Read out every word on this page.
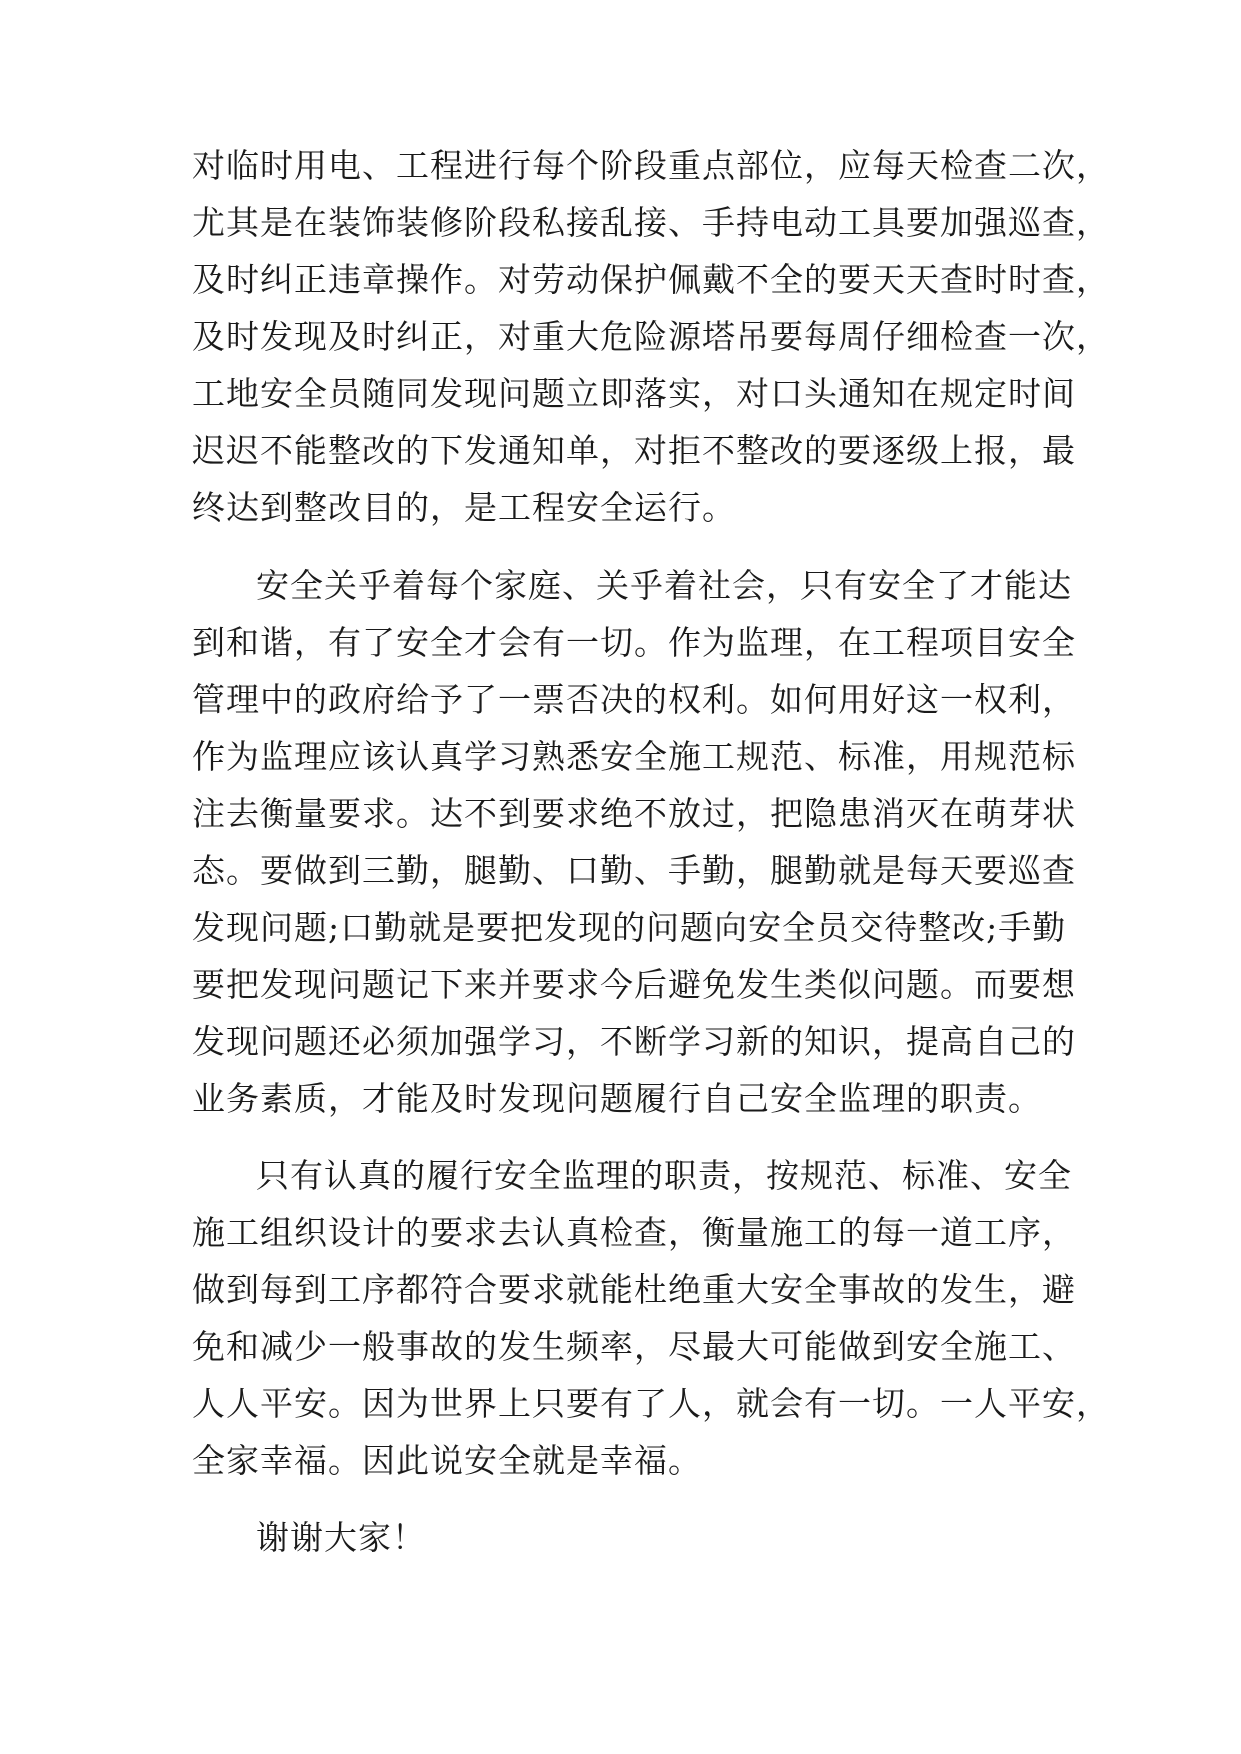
对临时用电、工程进行每个阶段重点部位，应每天检查二次，
尤其是在装饰装修阶段私接乱接、手持电动工具要加强巡查，
及时纠正违章操作。对劳动保护佩戴不全的要天天查时时查，
及时发现及时纠正，对重大危险源塔吊要每周仔细检查一次，
工地安全员随同发现问题立即落实，对口头通知在规定时间
迟迟不能整改的下发通知单，对拒不整改的要逐级上报，最
终达到整改目的，是工程安全运行。
安全关乎着每个家庭、关乎着社会，只有安全了才能达
到和谐，有了安全才会有一切。作为监理，在工程项目安全
管理中的政府给予了一票否决的权利。如何用好这一权利，
作为监理应该认真学习熟悉安全施工规范、标准，用规范标
注去衡量要求。达不到要求绝不放过，把隐患消灭在萌芽状
态。要做到三勤，腿勤、口勤、手勤，腿勤就是每天要巡查
发现问题;口勤就是要把发现的问题向安全员交待整改;手勤
要把发现问题记下来并要求今后避免发生类似问题。而要想
发现问题还必须加强学习，不断学习新的知识，提高自己的
业务素质，才能及时发现问题履行自己安全监理的职责。
只有认真的履行安全监理的职责，按规范、标准、安全
施工组织设计的要求去认真检查，衡量施工的每一道工序，
做到每到工序都符合要求就能杜绝重大安全事故的发生，避
免和减少一般事故的发生频率，尽最大可能做到安全施工、
人人平安。因为世界上只要有了人，就会有一切。一人平安，
全家幸福。因此说安全就是幸福。
谢谢大家！
